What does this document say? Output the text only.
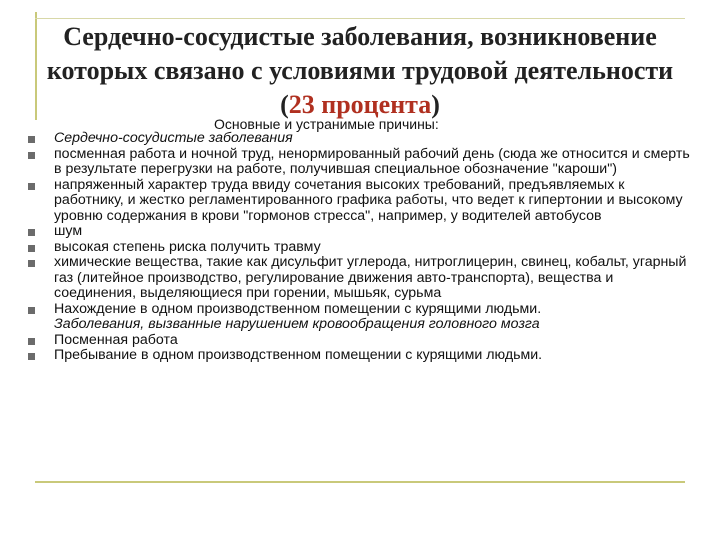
Сердечно-сосудистые заболевания, возникновение которых связано с условиями трудовой деятельности (23 процента)

Основные и устранимые причины:

Сердечно-сосудистые заболевания
посменная работа и ночной труд, ненормированный рабочий день (сюда же относится и смерть в результате перегрузки на работе, получившая специальное обозначение "кароши")
напряженный характер труда ввиду сочетания высоких требований, предъявляемых к работнику, и жестко регламентированного графика работы, что ведет к гипертонии и высокому уровню содержания в крови "гормонов стресса", например, у водителей автобусов
шум
высокая степень риска получить травму
химические вещества, такие как дисульфит углерода, нитроглицерин, свинец, кобальт, угарный газ (литейное производство, регулирование движения авто-транспорта), вещества и соединения, выделяющиеся при горении, мышьяк, сурьма
Нахождение в одном производственном помещении с курящими людьми.
Заболевания, вызванные нарушением кровообращения головного мозга
Посменная работа
Пребывание в одном производственном помещении с курящими людьми.
